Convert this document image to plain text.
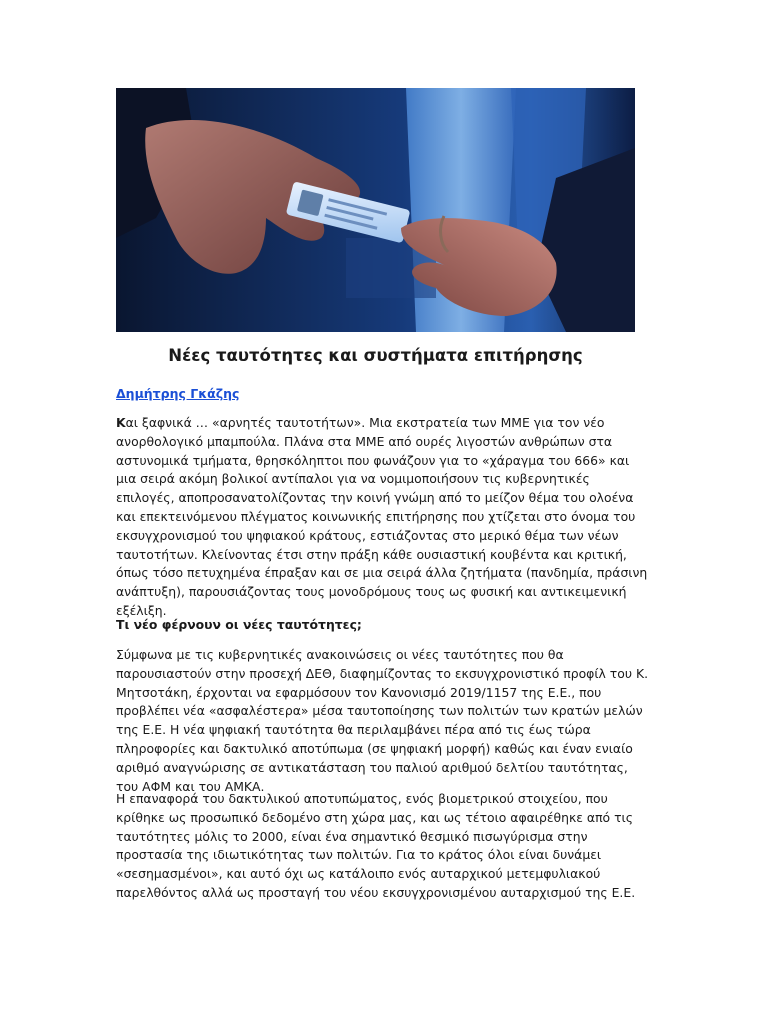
Νέες ταυτότητες και συστήματα επιτήρησης
Δημήτρης Γκάζης

Και ξαφνικά … «αρνητές ταυτοτήτων». Μια εκστρατεία των ΜΜΕ για τον νέο ανορθολογικό μπαμπούλα. Πλάνα στα ΜΜΕ από ουρές λιγοστών ανθρώπων στα αστυνομικά τμήματα, θρησκόληπτοι που φωνάζουν για το «χάραγμα του 666» και μια σειρά ακόμη βολικοί αντίπαλοι για να νομιμοποιήσουν τις κυβερνητικές επιλογές, αποπροσανατολίζοντας την κοινή γνώμη από το μείζον θέμα του ολοένα και επεκτεινόμενου πλέγματος κοινωνικής επιτήρησης που χτίζεται στο όνομα του εκσυγχρονισμού του ψηφιακού κράτους, εστιάζοντας στο μερικό θέμα των νέων ταυτοτήτων. Κλείνοντας έτσι στην πράξη κάθε ουσιαστική κουβέντα και κριτική, όπως τόσο πετυχημένα έπραξαν και σε μια σειρά άλλα ζητήματα (πανδημία, πράσινη ανάπτυξη), παρουσιάζοντας τους μονοδρόμους τους ως φυσική και αντικειμενική εξέλιξη.

Τι νέο φέρνουν οι νέες ταυτότητες;

Σύμφωνα με τις κυβερνητικές ανακοινώσεις οι νέες ταυτότητες που θα παρουσιαστούν στην προσεχή ΔΕΘ, διαφημίζοντας το εκσυγχρονιστικό προφίλ του Κ. Μητσοτάκη, έρχονται να εφαρμόσουν τον Κανονισμό 2019/1157 της Ε.Ε., που προβλέπει νέα «ασφαλέστερα» μέσα ταυτοποίησης των πολιτών των κρατών μελών της Ε.Ε. Η νέα ψηφιακή ταυτότητα θα περιλαμβάνει πέρα από τις έως τώρα πληροφορίες και δακτυλικό αποτύπωμα (σε ψηφιακή μορφή) καθώς και έναν ενιαίο αριθμό αναγνώρισης σε αντικατάσταση του παλιού αριθμού δελτίου ταυτότητας, του ΑΦΜ και του ΑΜΚΑ.

Η επαναφορά του δακτυλικού αποτυπώματος, ενός βιομετρικού στοιχείου, που κρίθηκε ως προσωπικό δεδομένο στη χώρα μας, και ως τέτοιο αφαιρέθηκε από τις ταυτότητες μόλις το 2000, είναι ένα σημαντικό θεσμικό πισωγύρισμα στην προστασία της ιδιωτικότητας των πολιτών. Για το κράτος όλοι είναι δυνάμει «σεσημασμένοι», και αυτό όχι ως κατάλοιπο ενός αυταρχικού μετεμφυλιακού παρελθόντος αλλά ως προσταγή του νέου εκσυγχρονισμένου αυταρχισμού της Ε.Ε.
